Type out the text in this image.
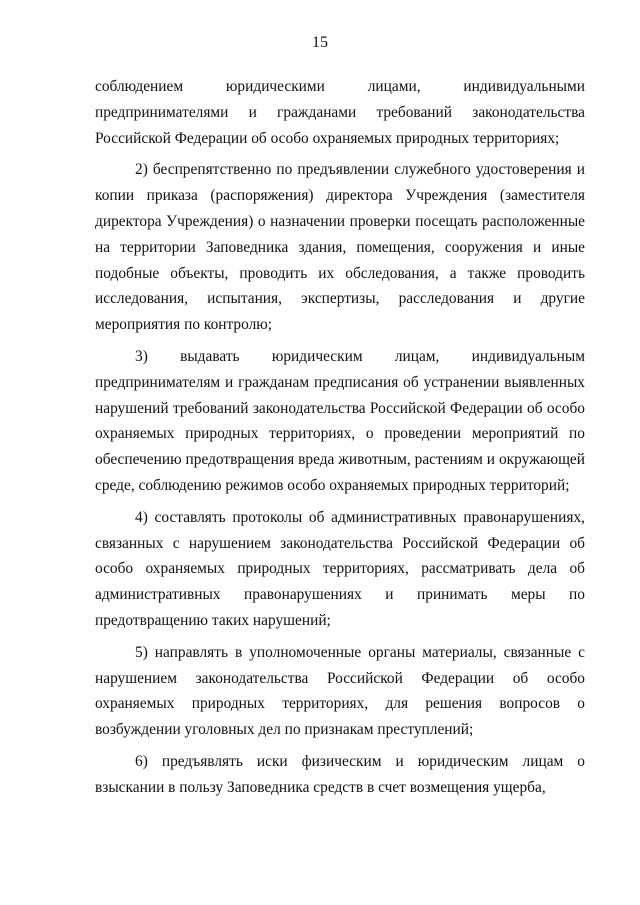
15

соблюдением юридическими лицами, индивидуальными предпринимателями и гражданами требований законодательства Российской Федерации об особо охраняемых природных территориях;

2) беспрепятственно по предъявлении служебного удостоверения и копии приказа (распоряжения) директора Учреждения (заместителя директора Учреждения) о назначении проверки посещать расположенные на территории Заповедника здания, помещения, сооружения и иные подобные объекты, проводить их обследования, а также проводить исследования, испытания, экспертизы, расследования и другие мероприятия по контролю;

3) выдавать юридическим лицам, индивидуальным предпринимателям и гражданам предписания об устранении выявленных нарушений требований законодательства Российской Федерации об особо охраняемых природных территориях, о проведении мероприятий по обеспечению предотвращения вреда животным, растениям и окружающей среде, соблюдению режимов особо охраняемых природных территорий;

4) составлять протоколы об административных правонарушениях, связанных с нарушением законодательства Российской Федерации об особо охраняемых природных территориях, рассматривать дела об административных правонарушениях и принимать меры по предотвращению таких нарушений;

5) направлять в уполномоченные органы материалы, связанные с нарушением законодательства Российской Федерации об особо охраняемых природных территориях, для решения вопросов о возбуждении уголовных дел по признакам преступлений;

6) предъявлять иски физическим и юридическим лицам о взыскании в пользу Заповедника средств в счет возмещения ущерба,
